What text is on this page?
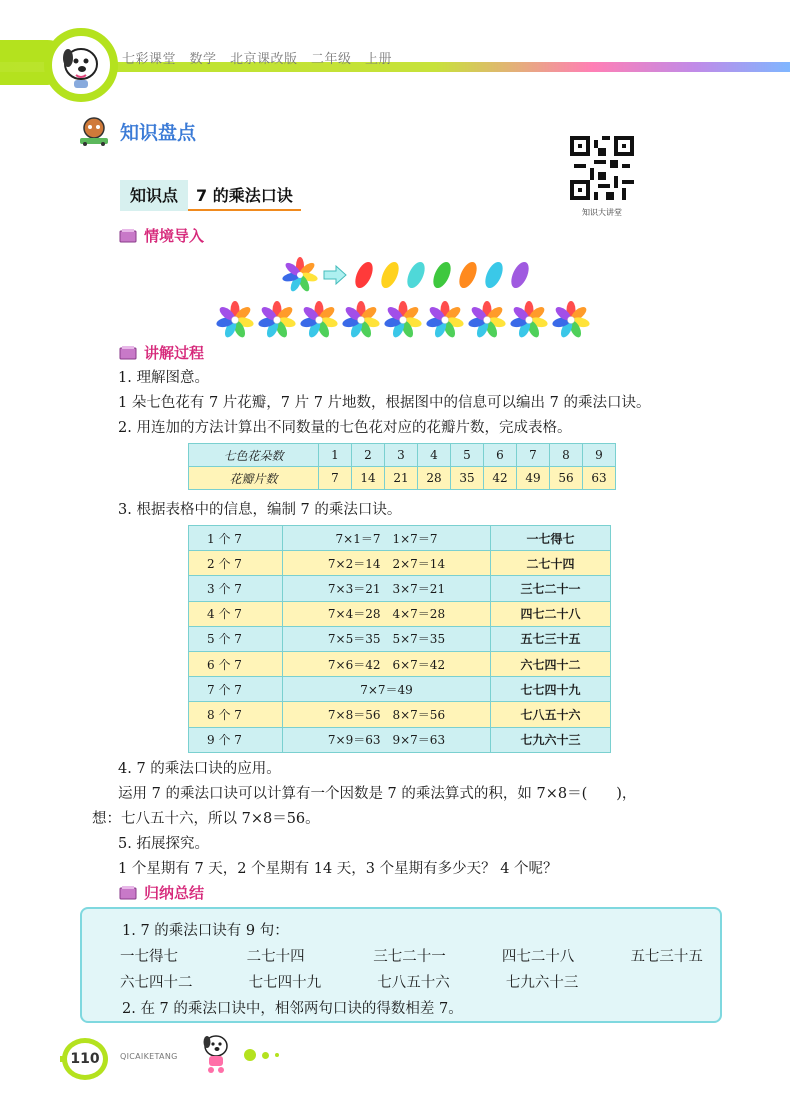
七彩课堂　数学　北京课改版　二年级　上册
知识盘点
知识点	7 的乘法口诀
知识大讲堂
情境导入
讲解过程
1. 理解图意。
1 朵七色花有 7 片花瓣，7 片 7 片地数，根据图中的信息可以编出 7 的乘法口诀。
2. 用连加的方法计算出不同数量的七色花对应的花瓣片数，完成表格。
七色花朵数	1	2	3	4	5	6	7	8	9
花瓣片数	7	14	21	28	35	42	49	56	63
3. 根据表格中的信息，编制 7 的乘法口诀。
1 个 7	7×1＝7　1×7＝7	一七得七
2 个 7	7×2＝14　2×7＝14	二七十四
3 个 7	7×3＝21　3×7＝21	三七二十一
4 个 7	7×4＝28　4×7＝28	四七二十八
5 个 7	7×5＝35　5×7＝35	五七三十五
6 个 7	7×6＝42　6×7＝42	六七四十二
7 个 7	7×7＝49	七七四十九
8 个 7	7×8＝56　8×7＝56	七八五十六
9 个 7	7×9＝63　9×7＝63	七九六十三
4. 7 的乘法口诀的应用。
运用 7 的乘法口诀可以计算有一个因数是 7 的乘法算式的积，如 7×8＝(　　)，
想：七八五十六，所以 7×8＝56。
5. 拓展探究。
1 个星期有 7 天，2 个星期有 14 天，3 个星期有多少天？ 4 个呢？
归纳总结
1. 7 的乘法口诀有 9 句：
一七得七	二七十四	三七二十一	四七二十八	五七三十五
六七四十二	七七四十九	七八五十六	七九六十三
2. 在 7 的乘法口诀中，相邻两句口诀的得数相差 7。
110	QICAIKETANG
